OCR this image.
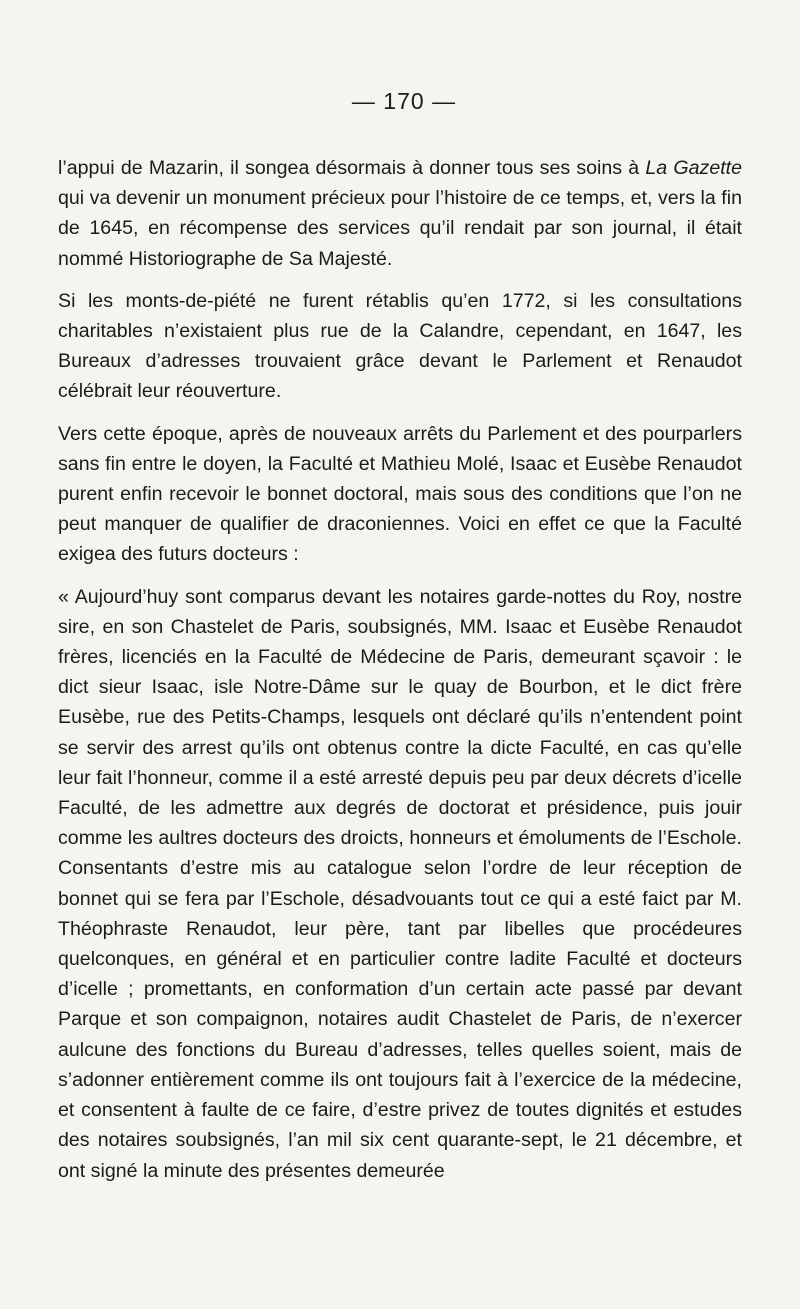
— 170 —

l’appui de Mazarin, il songea désormais à donner tous ses soins à La Gazette qui va devenir un monument précieux pour l’histoire de ce temps, et, vers la fin de 1645, en récompense des services qu’il rendait par son journal, il était nommé Historiographe de Sa Majesté.

Si les monts-de-piété ne furent rétablis qu’en 1772, si les consultations charitables n’existaient plus rue de la Calandre, cependant, en 1647, les Bureaux d’adresses trouvaient grâce devant le Parlement et Renaudot célébrait leur réouverture.

Vers cette époque, après de nouveaux arrêts du Parlement et des pourparlers sans fin entre le doyen, la Faculté et Mathieu Molé, Isaac et Eusèbe Renaudot purent enfin recevoir le bonnet doctoral, mais sous des conditions que l’on ne peut manquer de qualifier de draconiennes. Voici en effet ce que la Faculté exigea des futurs docteurs :

« Aujourd’huy sont comparus devant les notaires garde-nottes du Roy, nostre sire, en son Chastelet de Paris, soubsignés, MM. Isaac et Eusèbe Renaudot frères, licenciés en la Faculté de Médecine de Paris, demeurant sçavoir : le dict sieur Isaac, isle Notre-Dâme sur le quay de Bourbon, et le dict frère Eusèbe, rue des Petits-Champs, lesquels ont déclaré qu’ils n’entendent point se servir des arrest qu’ils ont obtenus contre la dicte Faculté, en cas qu’elle leur fait l’honneur, comme il a esté arresté depuis peu par deux décrets d’icelle Faculté, de les admettre aux degrés de doctorat et présidence, puis jouir comme les aultres docteurs des droicts, honneurs et émoluments de l’Eschole. Consentants d’estre mis au catalogue selon l’ordre de leur réception de bonnet qui se fera par l’Eschole, désadvouants tout ce qui a esté faict par M. Théophraste Renaudot, leur père, tant par libelles que procédeures quelconques, en général et en particulier contre ladite Faculté et docteurs d’icelle ; promettants, en conformation d’un certain acte passé par devant Parque et son compaignon, notaires audit Chastelet de Paris, de n’exercer aulcune des fonctions du Bureau d’adresses, telles quelles soient, mais de s’adonner entièrement comme ils ont toujours fait à l’exercice de la médecine, et consentent à faulte de ce faire, d’estre privez de toutes dignités et estudes des notaires soubsignés, l’an mil six cent quarante-sept, le 21 décembre, et ont signé la minute des présentes demeurée
